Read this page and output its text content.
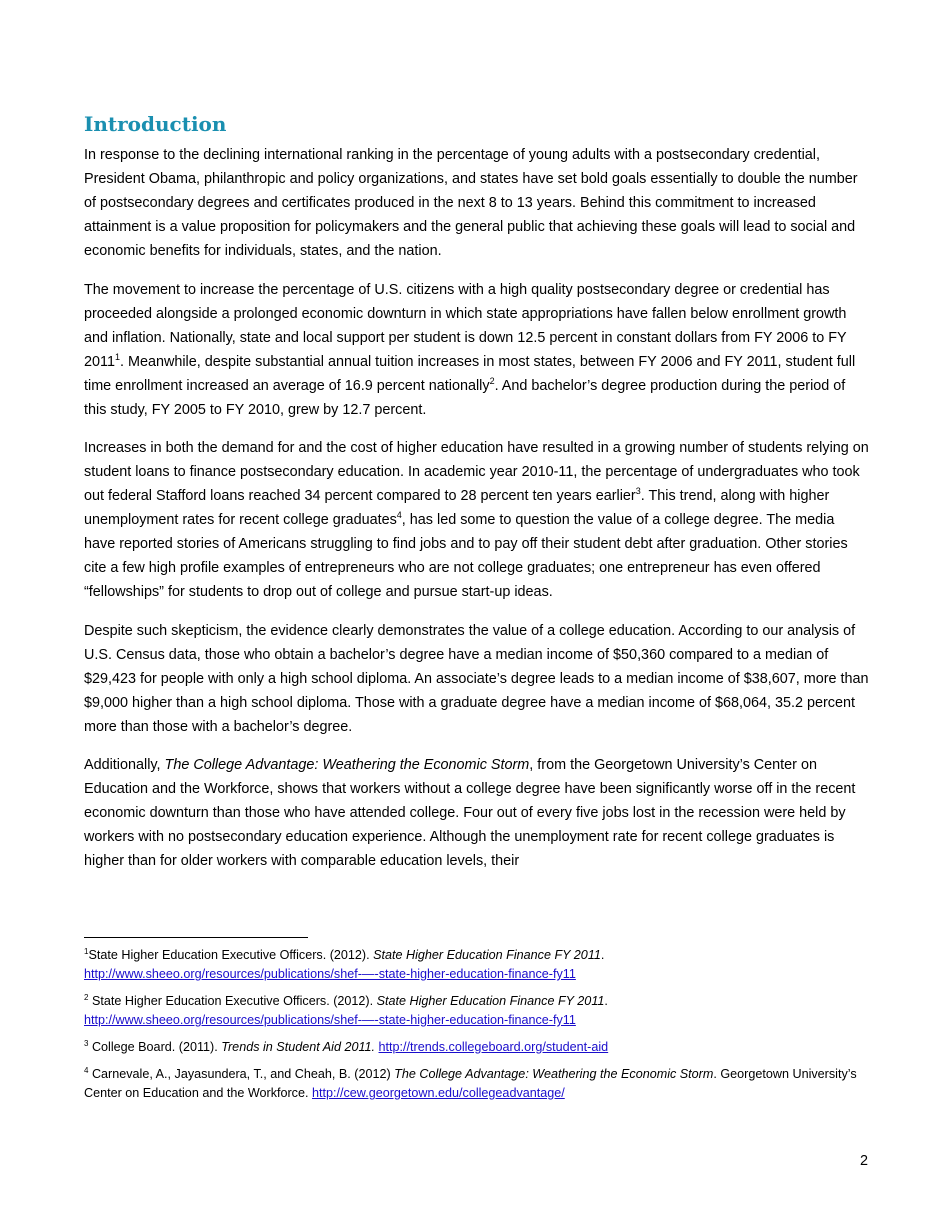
Introduction

In response to the declining international ranking in the percentage of young adults with a postsecondary credential, President Obama, philanthropic and policy organizations, and states have set bold goals essentially to double the number of postsecondary degrees and certificates produced in the next 8 to 13 years. Behind this commitment to increased attainment is a value proposition for policymakers and the general public that achieving these goals will lead to social and economic benefits for individuals, states, and the nation.

The movement to increase the percentage of U.S. citizens with a high quality postsecondary degree or credential has proceeded alongside a prolonged economic downturn in which state appropriations have fallen below enrollment growth and inflation. Nationally, state and local support per student is down 12.5 percent in constant dollars from FY 2006 to FY 2011$^1$. Meanwhile, despite substantial annual tuition increases in most states, between FY 2006 and FY 2011, student full time enrollment increased an average of 16.9 percent nationally$^2$. And bachelor’s degree production during the period of this study, FY 2005 to FY 2010, grew by 12.7 percent.

Increases in both the demand for and the cost of higher education have resulted in a growing number of students relying on student loans to finance postsecondary education. In academic year 2010-11, the percentage of undergraduates who took out federal Stafford loans reached 34 percent compared to 28 percent ten years earlier$^3$. This trend, along with higher unemployment rates for recent college graduates$^4$, has led some to question the value of a college degree. The media have reported stories of Americans struggling to find jobs and to pay off their student debt after graduation. Other stories cite a few high profile examples of entrepreneurs who are not college graduates; one entrepreneur has even offered “fellowships” for students to drop out of college and pursue start-up ideas.

Despite such skepticism, the evidence clearly demonstrates the value of a college education. According to our analysis of U.S. Census data, those who obtain a bachelor’s degree have a median income of $50,360 compared to a median of $29,423 for people with only a high school diploma. An associate’s degree leads to a median income of $38,607, more than $9,000 higher than a high school diploma. Those with a graduate degree have a median income of $68,064, 35.2 percent more than those with a bachelor’s degree.

Additionally, The College Advantage: Weathering the Economic Storm, from the Georgetown University’s Center on Education and the Workforce, shows that workers without a college degree have been significantly worse off in the recent economic downturn than those who have attended college. Four out of every five jobs lost in the recession were held by workers with no postsecondary education experience. Although the unemployment rate for recent college graduates is higher than for older workers with comparable education levels, their

$^1$State Higher Education Executive Officers. (2012). State Higher Education Finance FY 2011.
http://www.sheeo.org/resources/publications/shef-—-state-higher-education-finance-fy11

$^2$ State Higher Education Executive Officers. (2012). State Higher Education Finance FY 2011.
http://www.sheeo.org/resources/publications/shef-—-state-higher-education-finance-fy11

$^3$ College Board. (2011). Trends in Student Aid 2011. http://trends.collegeboard.org/student-aid

$^4$ Carnevale, A., Jayasundera, T., and Cheah, B. (2012) The College Advantage: Weathering the Economic Storm. Georgetown University’s Center on Education and the Workforce. http://cew.georgetown.edu/collegeadvantage/

2
